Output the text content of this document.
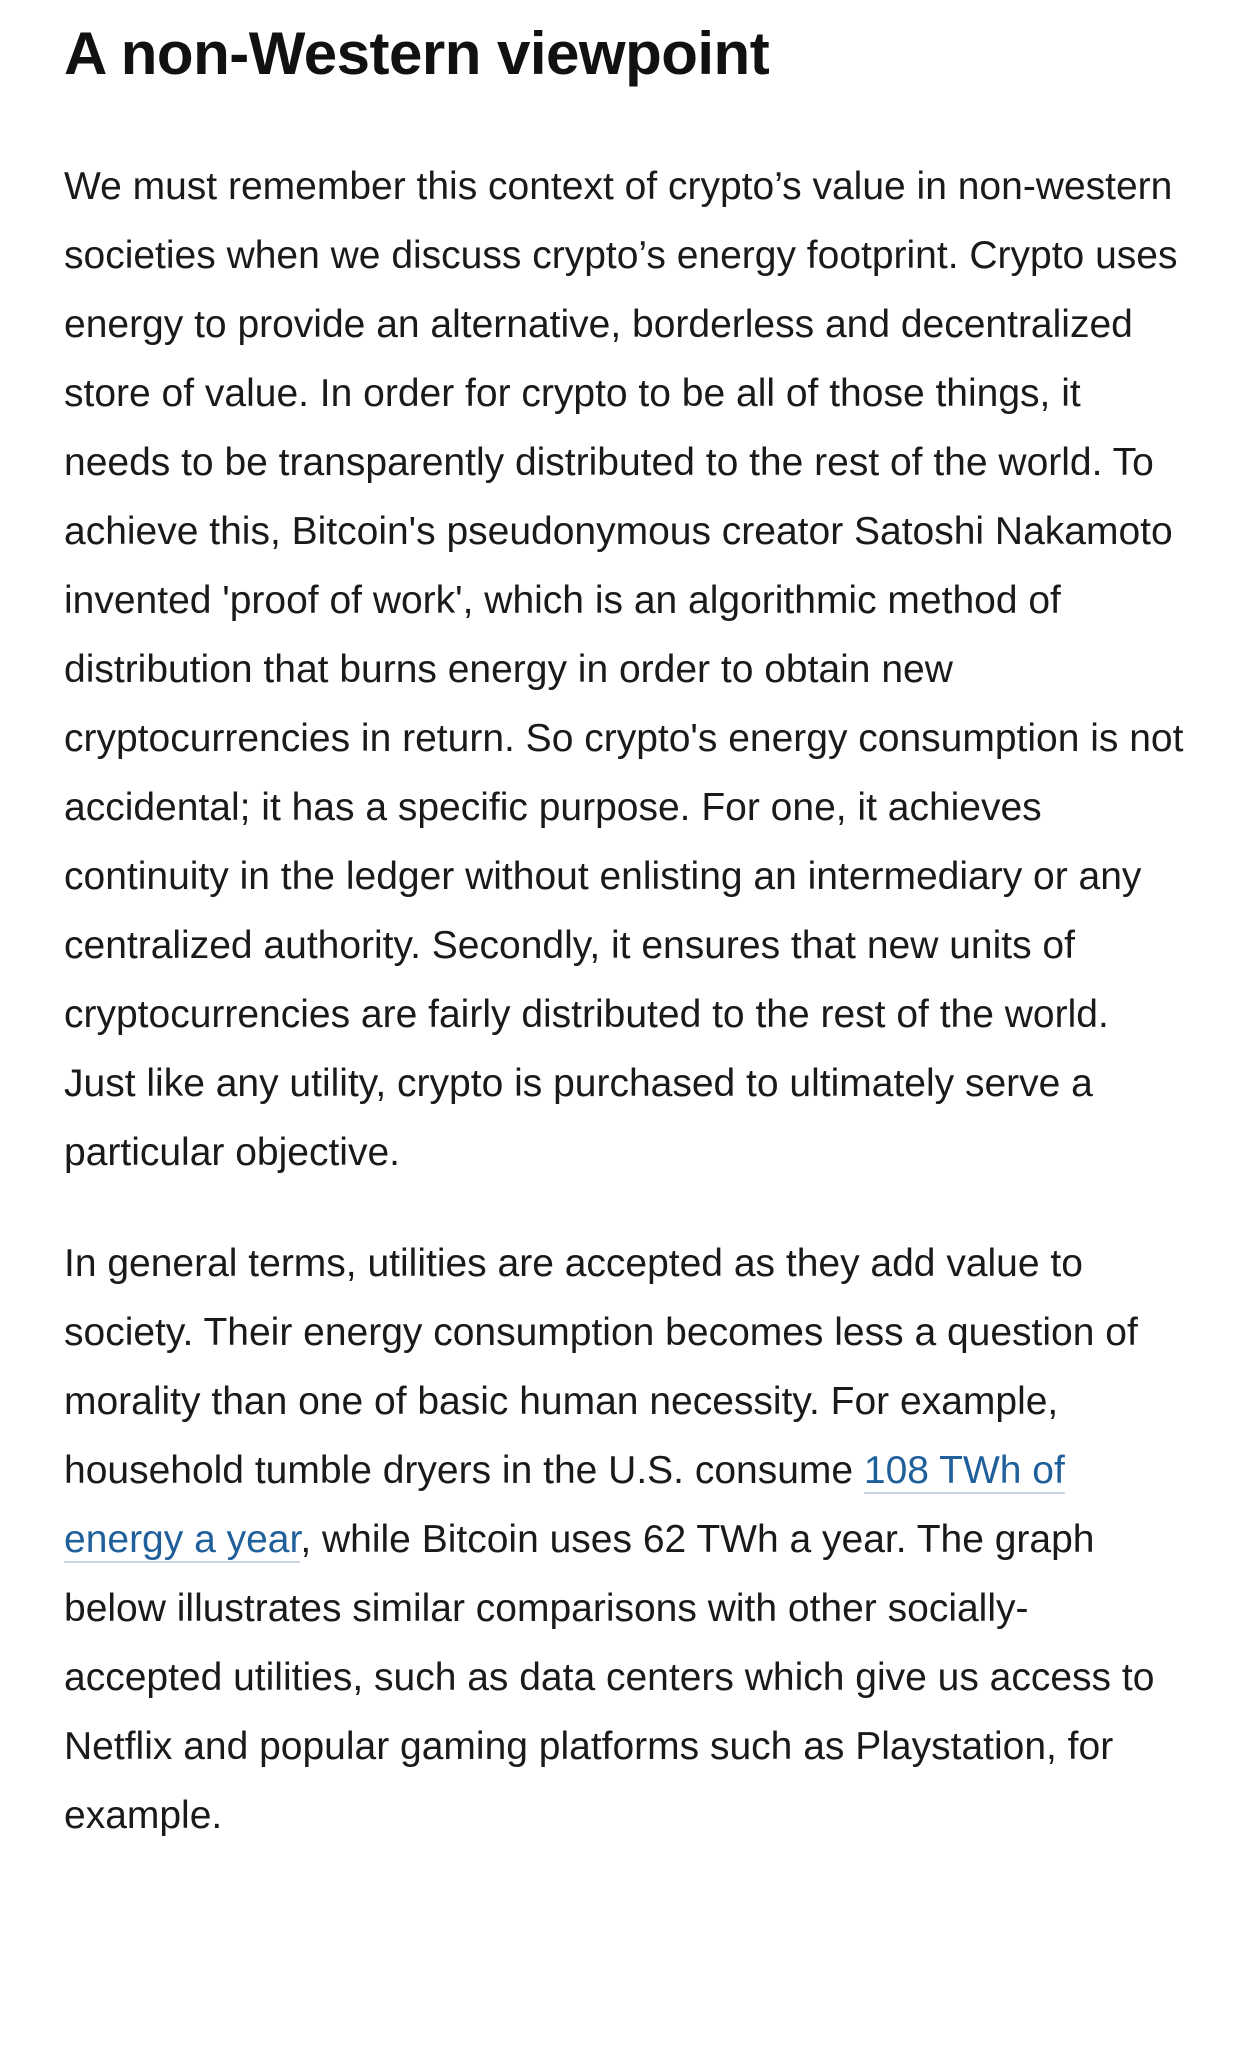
A non-Western viewpoint

We must remember this context of crypto’s value in non-western societies when we discuss crypto’s energy footprint. Crypto uses energy to provide an alternative, borderless and decentralized store of value. In order for crypto to be all of those things, it needs to be transparently distributed to the rest of the world. To achieve this, Bitcoin's pseudonymous creator Satoshi Nakamoto invented 'proof of work', which is an algorithmic method of distribution that burns energy in order to obtain new cryptocurrencies in return. So crypto's energy consumption is not accidental; it has a specific purpose. For one, it achieves continuity in the ledger without enlisting an intermediary or any centralized authority. Secondly, it ensures that new units of cryptocurrencies are fairly distributed to the rest of the world. Just like any utility, crypto is purchased to ultimately serve a particular objective.

In general terms, utilities are accepted as they add value to society. Their energy consumption becomes less a question of morality than one of basic human necessity. For example, household tumble dryers in the U.S. consume 108 TWh of energy a year, while Bitcoin uses 62 TWh a year. The graph below illustrates similar comparisons with other socially-accepted utilities, such as data centers which give us access to Netflix and popular gaming platforms such as Playstation, for example.
